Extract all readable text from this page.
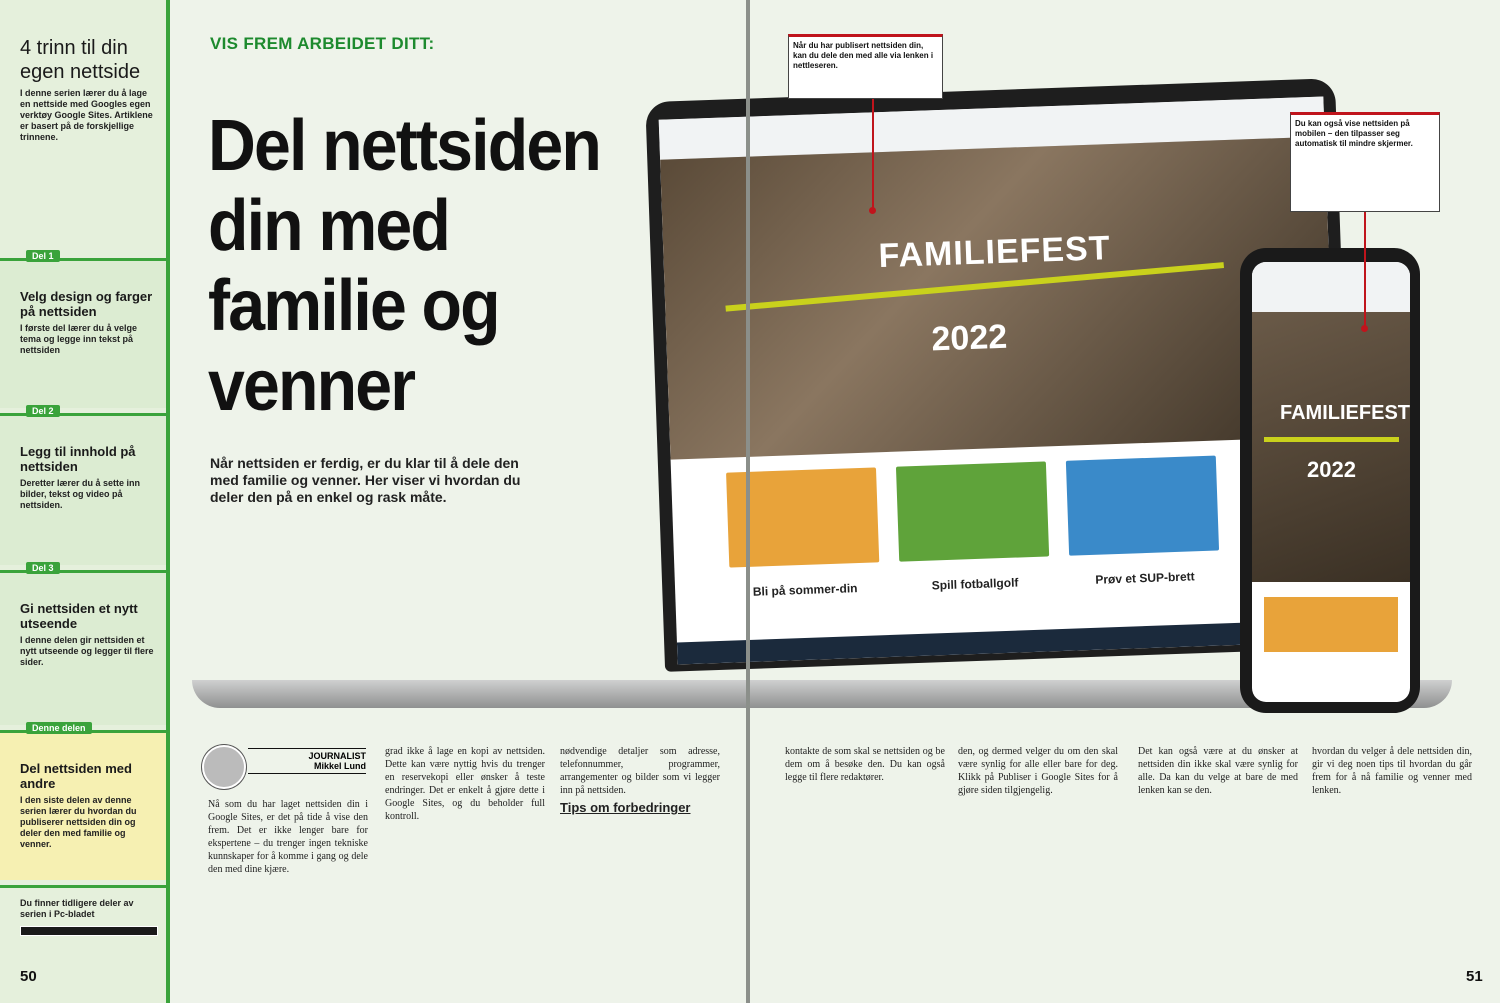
4 trinn til din egen nettside
I denne serien lærer du å lage en nettside med Googles egen verktøy Google Sites. Artiklene er basert på de forskjellige trinnene.
Del 1
Velg design og farger på nettsiden
I første del lærer du å velge tema og legge inn tekst på nettsiden
Del 2
Legg til innhold på nettsiden
Deretter lærer du å sette inn bilder, tekst og video på nettsiden.
Del 3
Gi nettsiden et nytt utseende
I denne delen gir nettsiden et nytt utseende og legger til flere sider.
Denne delen
Del nettsiden med andre
I den siste delen av denne serien lærer du hvordan du publiserer nettsiden din og deler den med familie og venner.
Du finner tidligere deler av serien i Pc-bladet
50
VIS FREM ARBEIDET DITT:
Del nettsiden din med familie og venner
Når nettsiden er ferdig, er du klar til å dele den med familie og venner. Her viser vi hvordan du deler den på en enkel og rask måte.
JOURNALIST
Mikkel Lund
Nå som du har laget nettsiden din i Google Sites, er det på tide å vise den frem. Det er ikke lenger bare for ekspertene – du trenger ingen tekniske kunnskaper for å komme i gang og dele den med dine kjære.
grad ikke å lage en kopi av nettsiden. Dette kan være nyttig hvis du trenger en reservekopi eller ønsker å teste endringer. Det er enkelt å gjøre dette i Google Sites, og du beholder full kontroll.
nødvendige detaljer som adresse, telefonnummer, programmer, arrangementer og bilder som vi legger inn på nettsiden.
Tips om forbedringer
kontakte de som skal se nettsiden og be dem om å besøke den. Du kan også legge til flere redaktører.
den, og dermed velger du om den skal være synlig for alle eller bare for deg. Klikk på Publiser i Google Sites for å gjøre siden tilgjengelig.
Det kan også være at du ønsker at nettsiden din ikke skal være synlig for alle. Da kan du velge at bare de med lenken kan se den.
hvordan du velger å dele nettsiden din, gir vi deg noen tips til hvordan du går frem for å nå familie og venner med lenken.
FAMILIEFEST
2022
Bli på sommer-din	Spill fotballgolf	Prøv et SUP-brett
FAMILIEFEST
2022
Når du har publisert nettsiden din, kan du dele den med alle via lenken i nettleseren.
Du kan også vise nettsiden på mobilen – den tilpasser seg automatisk til mindre skjermer.
51
